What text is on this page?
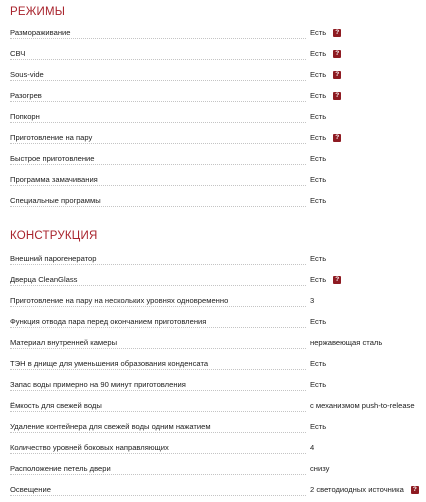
РЕЖИМЫ
Размораживание	Есть	?
СВЧ	Есть	?
Sous-vide	Есть	?
Разогрев	Есть	?
Попкорн	Есть
Приготовление на пару	Есть	?
Быстрое приготовление	Есть
Программа замачивания	Есть
Специальные программы	Есть
КОНСТРУКЦИЯ
Внешний парогенератор	Есть
Дверца CleanGlass	Есть	?
Приготовление на пару на нескольких уровнях одновременно	3
Функция отвода пара перед окончанием приготовления	Есть
Материал внутренней камеры	нержавеющая сталь
ТЭН в днище для уменьшения образования конденсата	Есть
Запас воды примерно на 90 минут приготовления	Есть
Ёмкость для свежей воды	с механизмом push-to-release
Удаление контейнера для свежей воды одним нажатием	Есть
Количество уровней боковых направляющих	4
Расположение петель двери	снизу
Освещение	2 светодиодных источника	?
